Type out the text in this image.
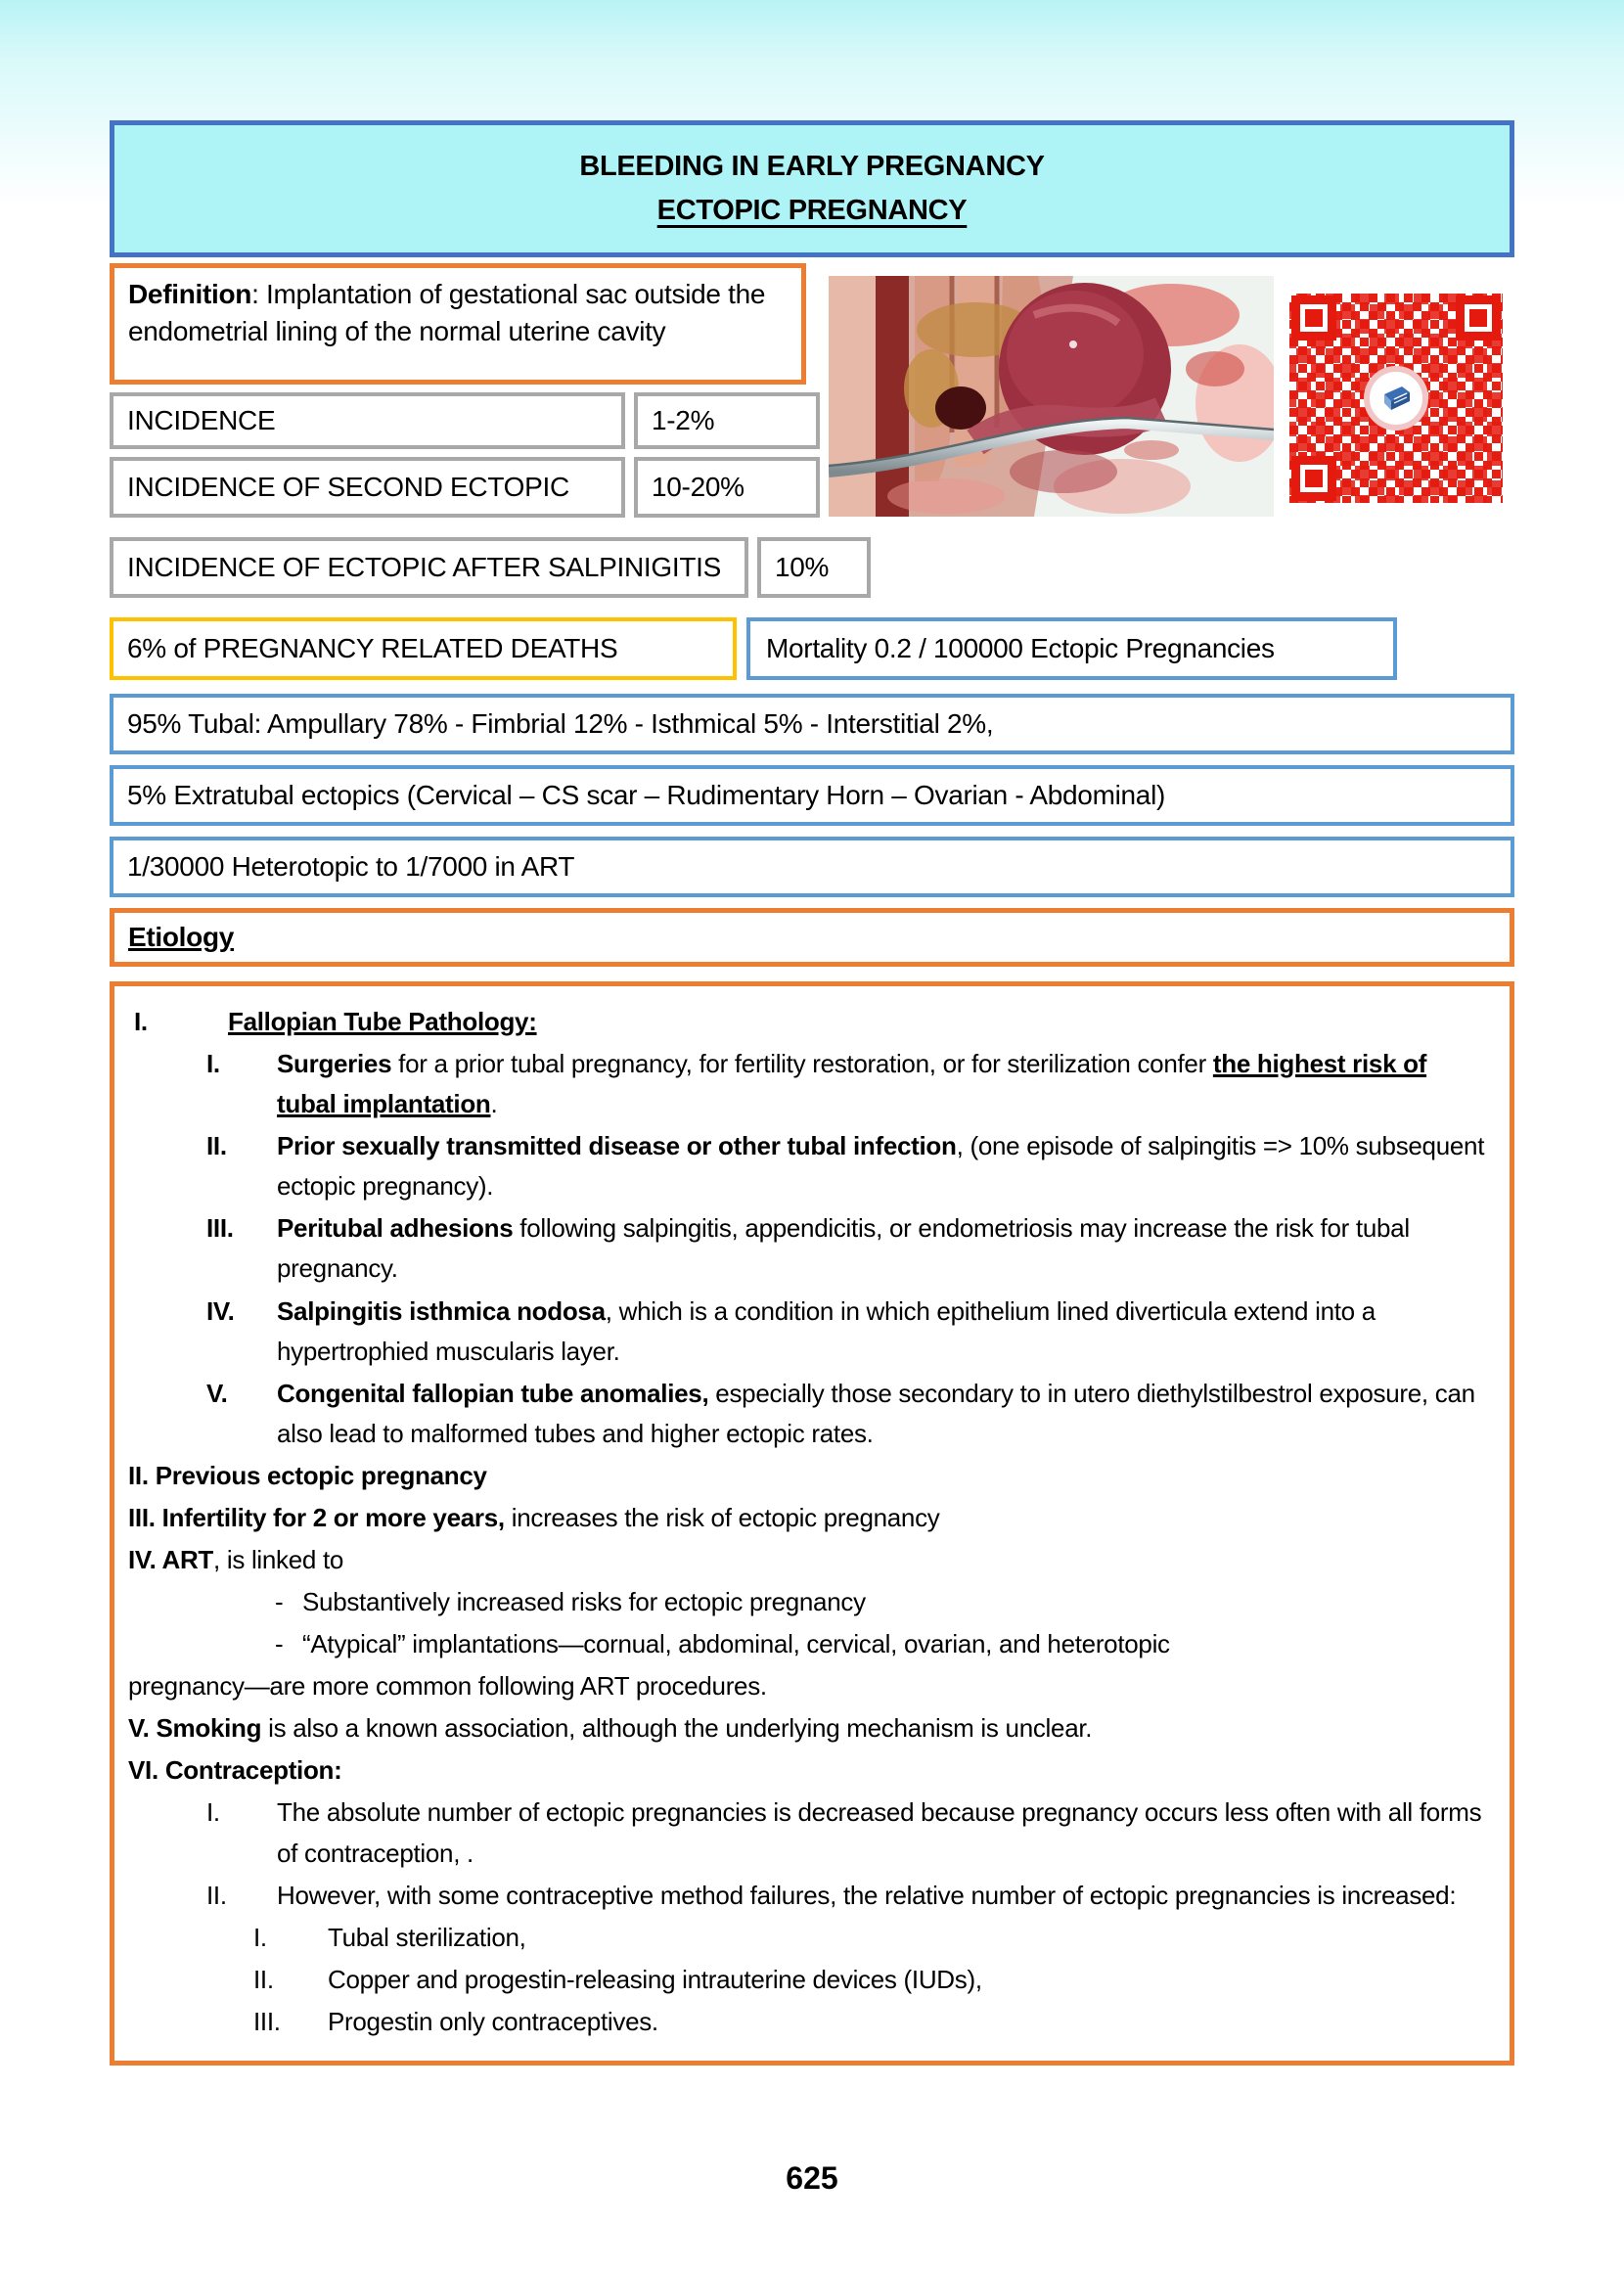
BLEEDING IN EARLY PREGNANCY
ECTOPIC PREGNANCY
Definition: Implantation of gestational sac outside the endometrial lining of the normal uterine cavity
INCIDENCE	1-2%
INCIDENCE OF SECOND ECTOPIC	10-20%
INCIDENCE OF ECTOPIC AFTER SALPINIGITIS	10%
6% of PREGNANCY RELATED DEATHS	Mortality 0.2 / 100000 Ectopic Pregnancies
95% Tubal: Ampullary 78% - Fimbrial 12% - Isthmical 5% - Interstitial 2%,
5% Extratubal ectopics (Cervical – CS scar – Rudimentary Horn – Ovarian - Abdominal)
1/30000 Heterotopic to 1/7000 in ART
Etiology
I.	Fallopian Tube Pathology:
I.	Surgeries for a prior tubal pregnancy, for fertility restoration, or for sterilization confer the highest risk of tubal implantation.
II.	Prior sexually transmitted disease or other tubal infection, (one episode of salpingitis => 10% subsequent ectopic pregnancy).
III.	Peritubal adhesions following salpingitis, appendicitis, or endometriosis may increase the risk for tubal pregnancy.
IV.	Salpingitis isthmica nodosa, which is a condition in which epithelium lined diverticula extend into a hypertrophied muscularis layer.
V.	Congenital fallopian tube anomalies, especially those secondary to in utero diethylstilbestrol exposure, can also lead to malformed tubes and higher ectopic rates.
II. Previous ectopic pregnancy
III. Infertility for 2 or more years, increases the risk of ectopic pregnancy
IV. ART, is linked to
- Substantively increased risks for ectopic pregnancy
- “Atypical” implantations—cornual, abdominal, cervical, ovarian, and heterotopic
pregnancy—are more common following ART procedures.
V. Smoking is also a known association, although the underlying mechanism is unclear.
VI. Contraception:
I.	The absolute number of ectopic pregnancies is decreased because pregnancy occurs less often with all forms of contraception, .
II.	However, with some contraceptive method failures, the relative number of ectopic pregnancies is increased:
I.	Tubal sterilization,
II.	Copper and progestin-releasing intrauterine devices (IUDs),
III.	Progestin only contraceptives.
625
